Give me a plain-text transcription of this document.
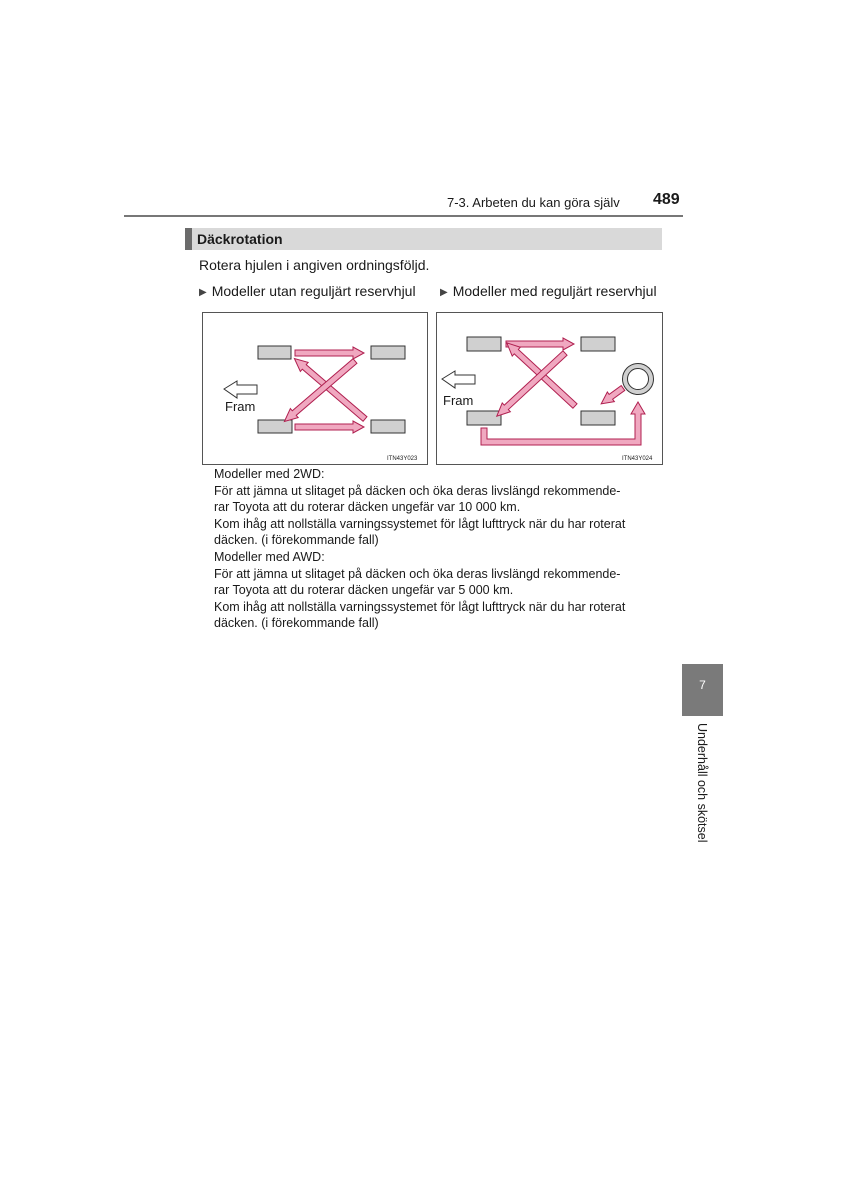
7-3. Arbeten du kan göra själv 489
Däckrotation
Rotera hjulen i angiven ordningsföljd.
▶ Modeller utan reguljärt reservhjul ▶ Modeller med reguljärt reservhjul
Fram
ITN43Y023
Fram
ITN43Y024
Modeller med 2WD:
För att jämna ut slitaget på däcken och öka deras livslängd rekommende-
rar Toyota att du roterar däcken ungefär var 10 000 km.
Kom ihåg att nollställa varningssystemet för lågt lufttryck när du har roterat
däcken. (i förekommande fall)
Modeller med AWD:
För att jämna ut slitaget på däcken och öka deras livslängd rekommende-
rar Toyota att du roterar däcken ungefär var 5 000 km.
Kom ihåg att nollställa varningssystemet för lågt lufttryck när du har roterat
däcken. (i förekommande fall)
7
Underhåll och skötsel
